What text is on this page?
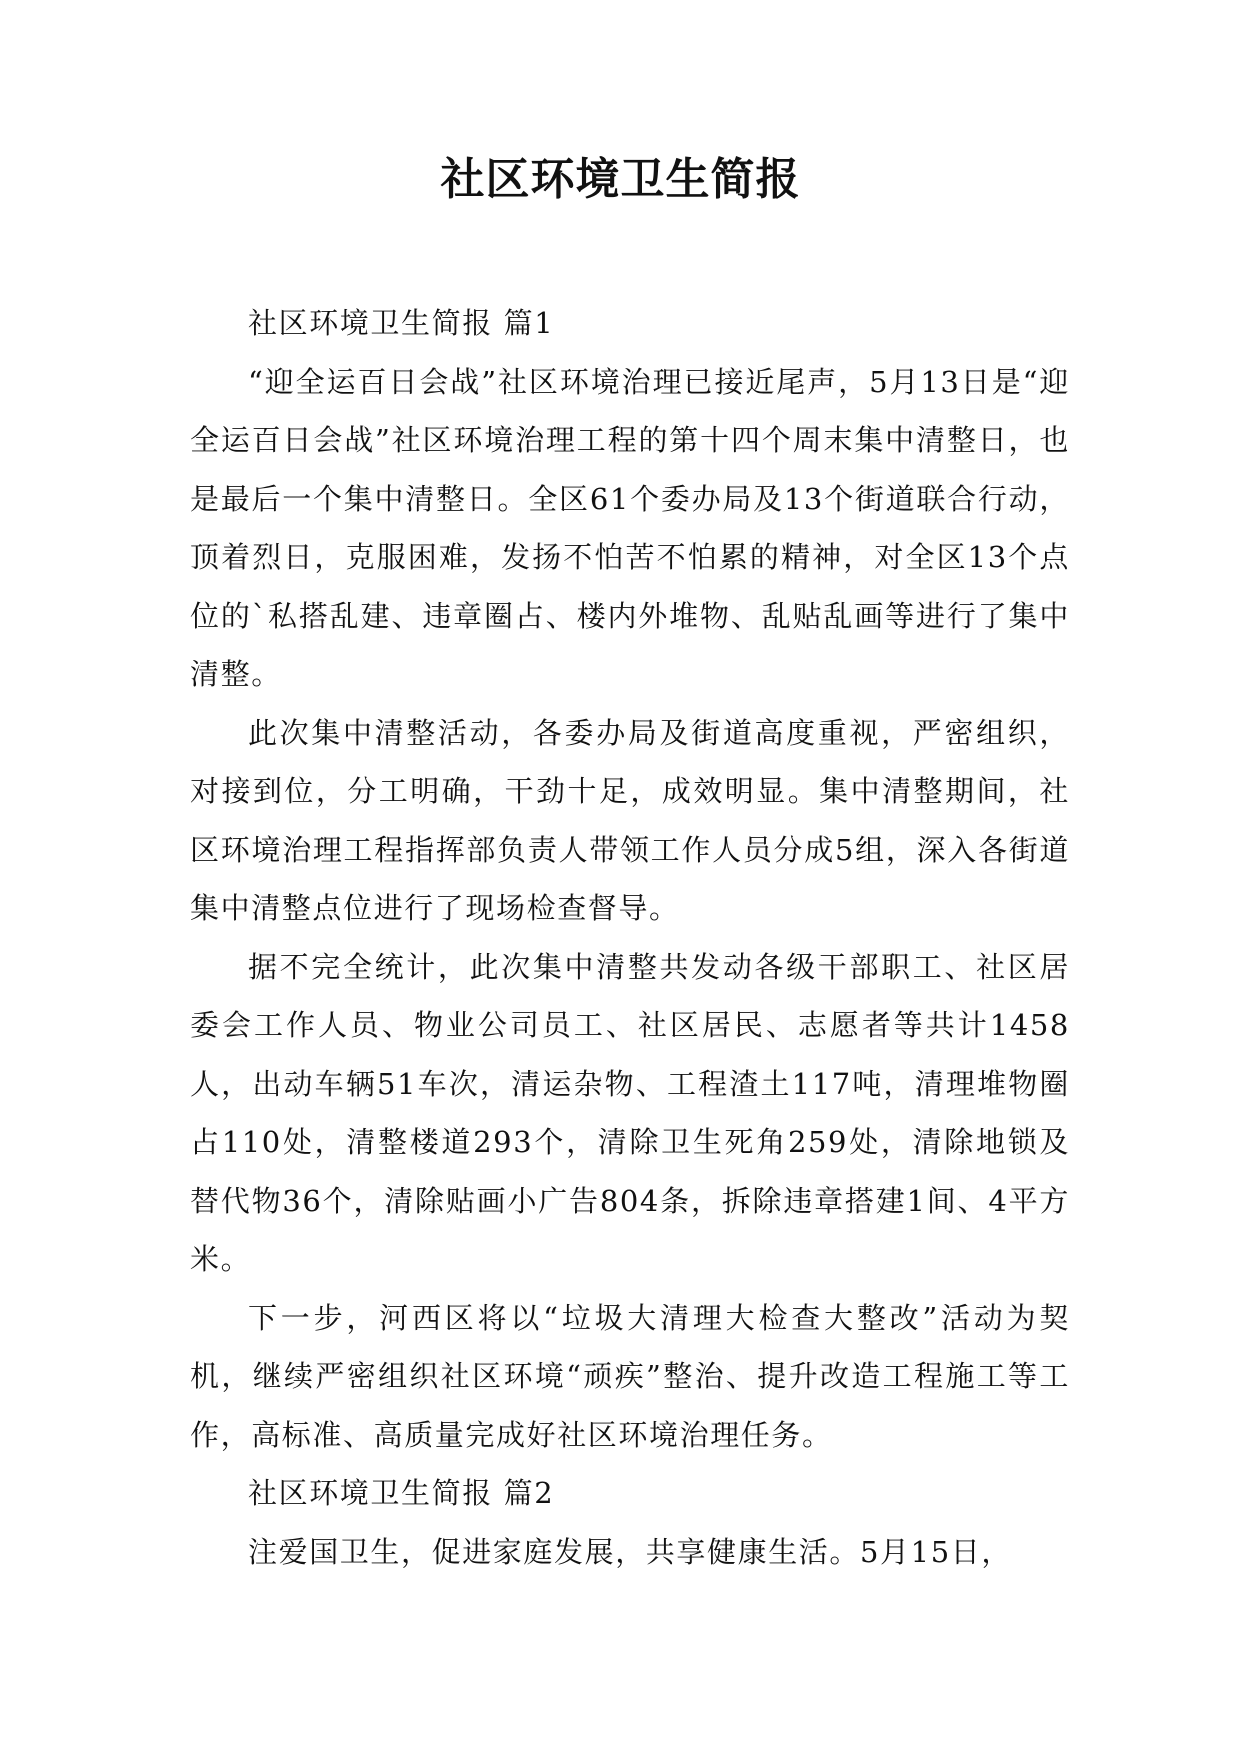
社区环境卫生简报

社区环境卫生简报 篇1

“迎全运百日会战”社区环境治理已接近尾声，5月13日是“迎全运百日会战”社区环境治理工程的第十四个周末集中清整日，也是最后一个集中清整日。全区61个委办局及13个街道联合行动，顶着烈日，克服困难，发扬不怕苦不怕累的精神，对全区13个点位的`私搭乱建、违章圈占、楼内外堆物、乱贴乱画等进行了集中清整。

此次集中清整活动，各委办局及街道高度重视，严密组织，对接到位，分工明确，干劲十足，成效明显。集中清整期间，社区环境治理工程指挥部负责人带领工作人员分成5组，深入各街道集中清整点位进行了现场检查督导。

据不完全统计，此次集中清整共发动各级干部职工、社区居委会工作人员、物业公司员工、社区居民、志愿者等共计1458人，出动车辆51车次，清运杂物、工程渣土117吨，清理堆物圈占110处，清整楼道293个，清除卫生死角259处，清除地锁及替代物36个，清除贴画小广告804条，拆除违章搭建1间、4平方米。

下一步，河西区将以“垃圾大清理大检查大整改”活动为契机，继续严密组织社区环境“顽疾”整治、提升改造工程施工等工作，高标准、高质量完成好社区环境治理任务。

社区环境卫生简报 篇2

注爱国卫生，促进家庭发展，共享健康生活。5月15日，
